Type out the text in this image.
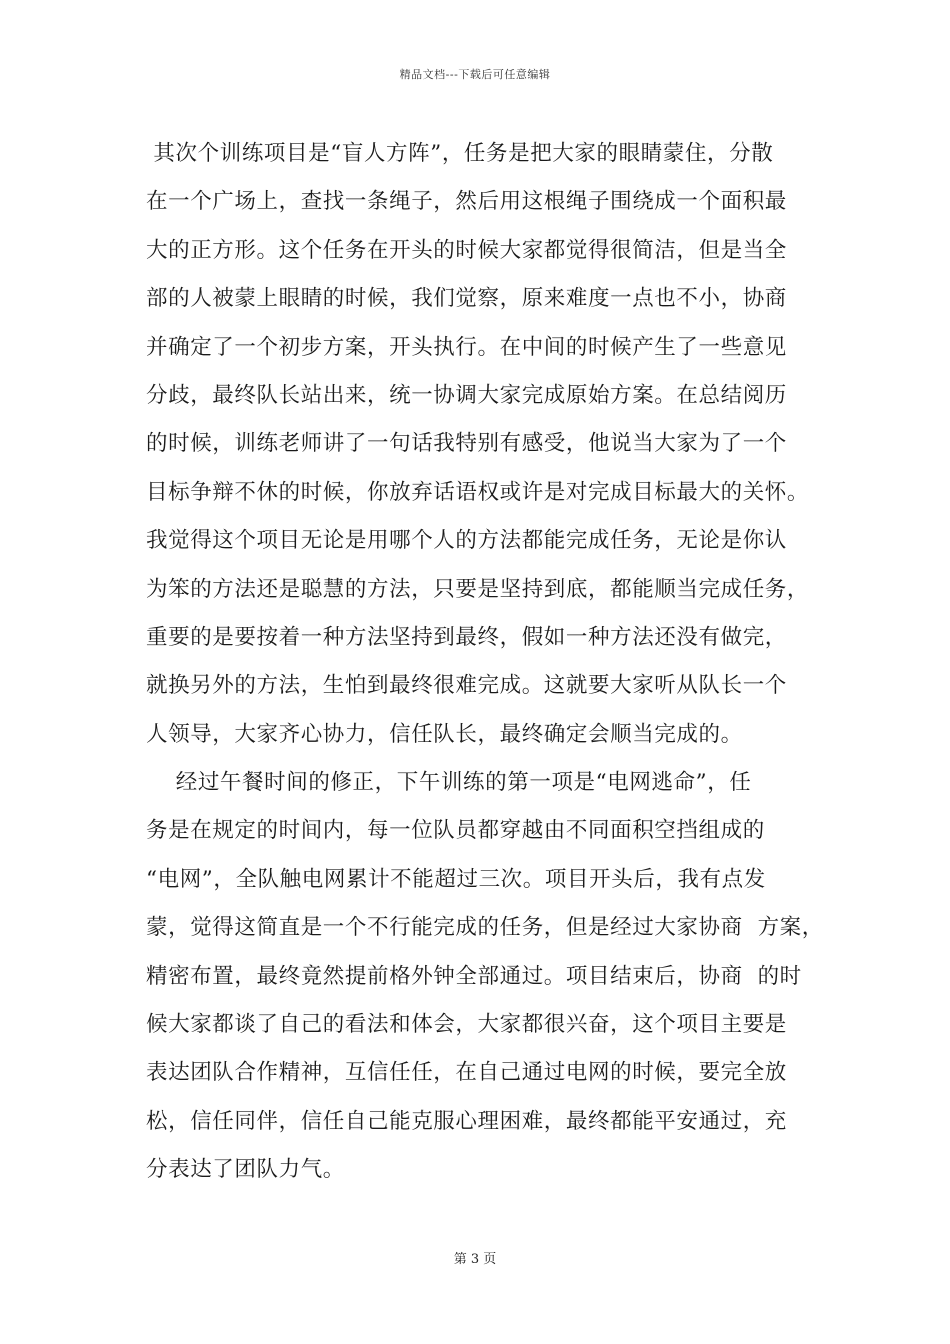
精品文档---下载后可任意编辑
其次个训练项目是“盲人方阵”，任务是把大家的眼睛蒙住，分散
在一个广场上，查找一条绳子，然后用这根绳子围绕成一个面积最
大的正方形。这个任务在开头的时候大家都觉得很简洁，但是当全
部的人被蒙上眼睛的时候，我们觉察，原来难度一点也不小，协商
并确定了一个初步方案，开头执行。在中间的时候产生了一些意见
分歧，最终队长站出来，统一协调大家完成原始方案。在总结阅历
的时候，训练老师讲了一句话我特别有感受，他说当大家为了一个
目标争辩不休的时候，你放弃话语权或许是对完成目标最大的关怀。
我觉得这个项目无论是用哪个人的方法都能完成任务，无论是你认
为笨的方法还是聪慧的方法，只要是坚持到底，都能顺当完成任务，
重要的是要按着一种方法坚持到最终，假如一种方法还没有做完，
就换另外的方法，生怕到最终很难完成。这就要大家听从队长一个
人领导，大家齐心协力，信任队长，最终确定会顺当完成的。
经过午餐时间的修正，下午训练的第一项是“电网逃命”，任
务是在规定的时间内，每一位队员都穿越由不同面积空挡组成的
“电网”，全队触电网累计不能超过三次。项目开头后，我有点发
蒙，觉得这简直是一个不行能完成的任务，但是经过大家协商  方案，
精密布置，最终竟然提前格外钟全部通过。项目结束后，协商  的时
候大家都谈了自己的看法和体会，大家都很兴奋，这个项目主要是
表达团队合作精神，互信任任，在自己通过电网的时候，要完全放
松，信任同伴，信任自己能克服心理困难，最终都能平安通过，充
分表达了团队力气。
第 3 页
